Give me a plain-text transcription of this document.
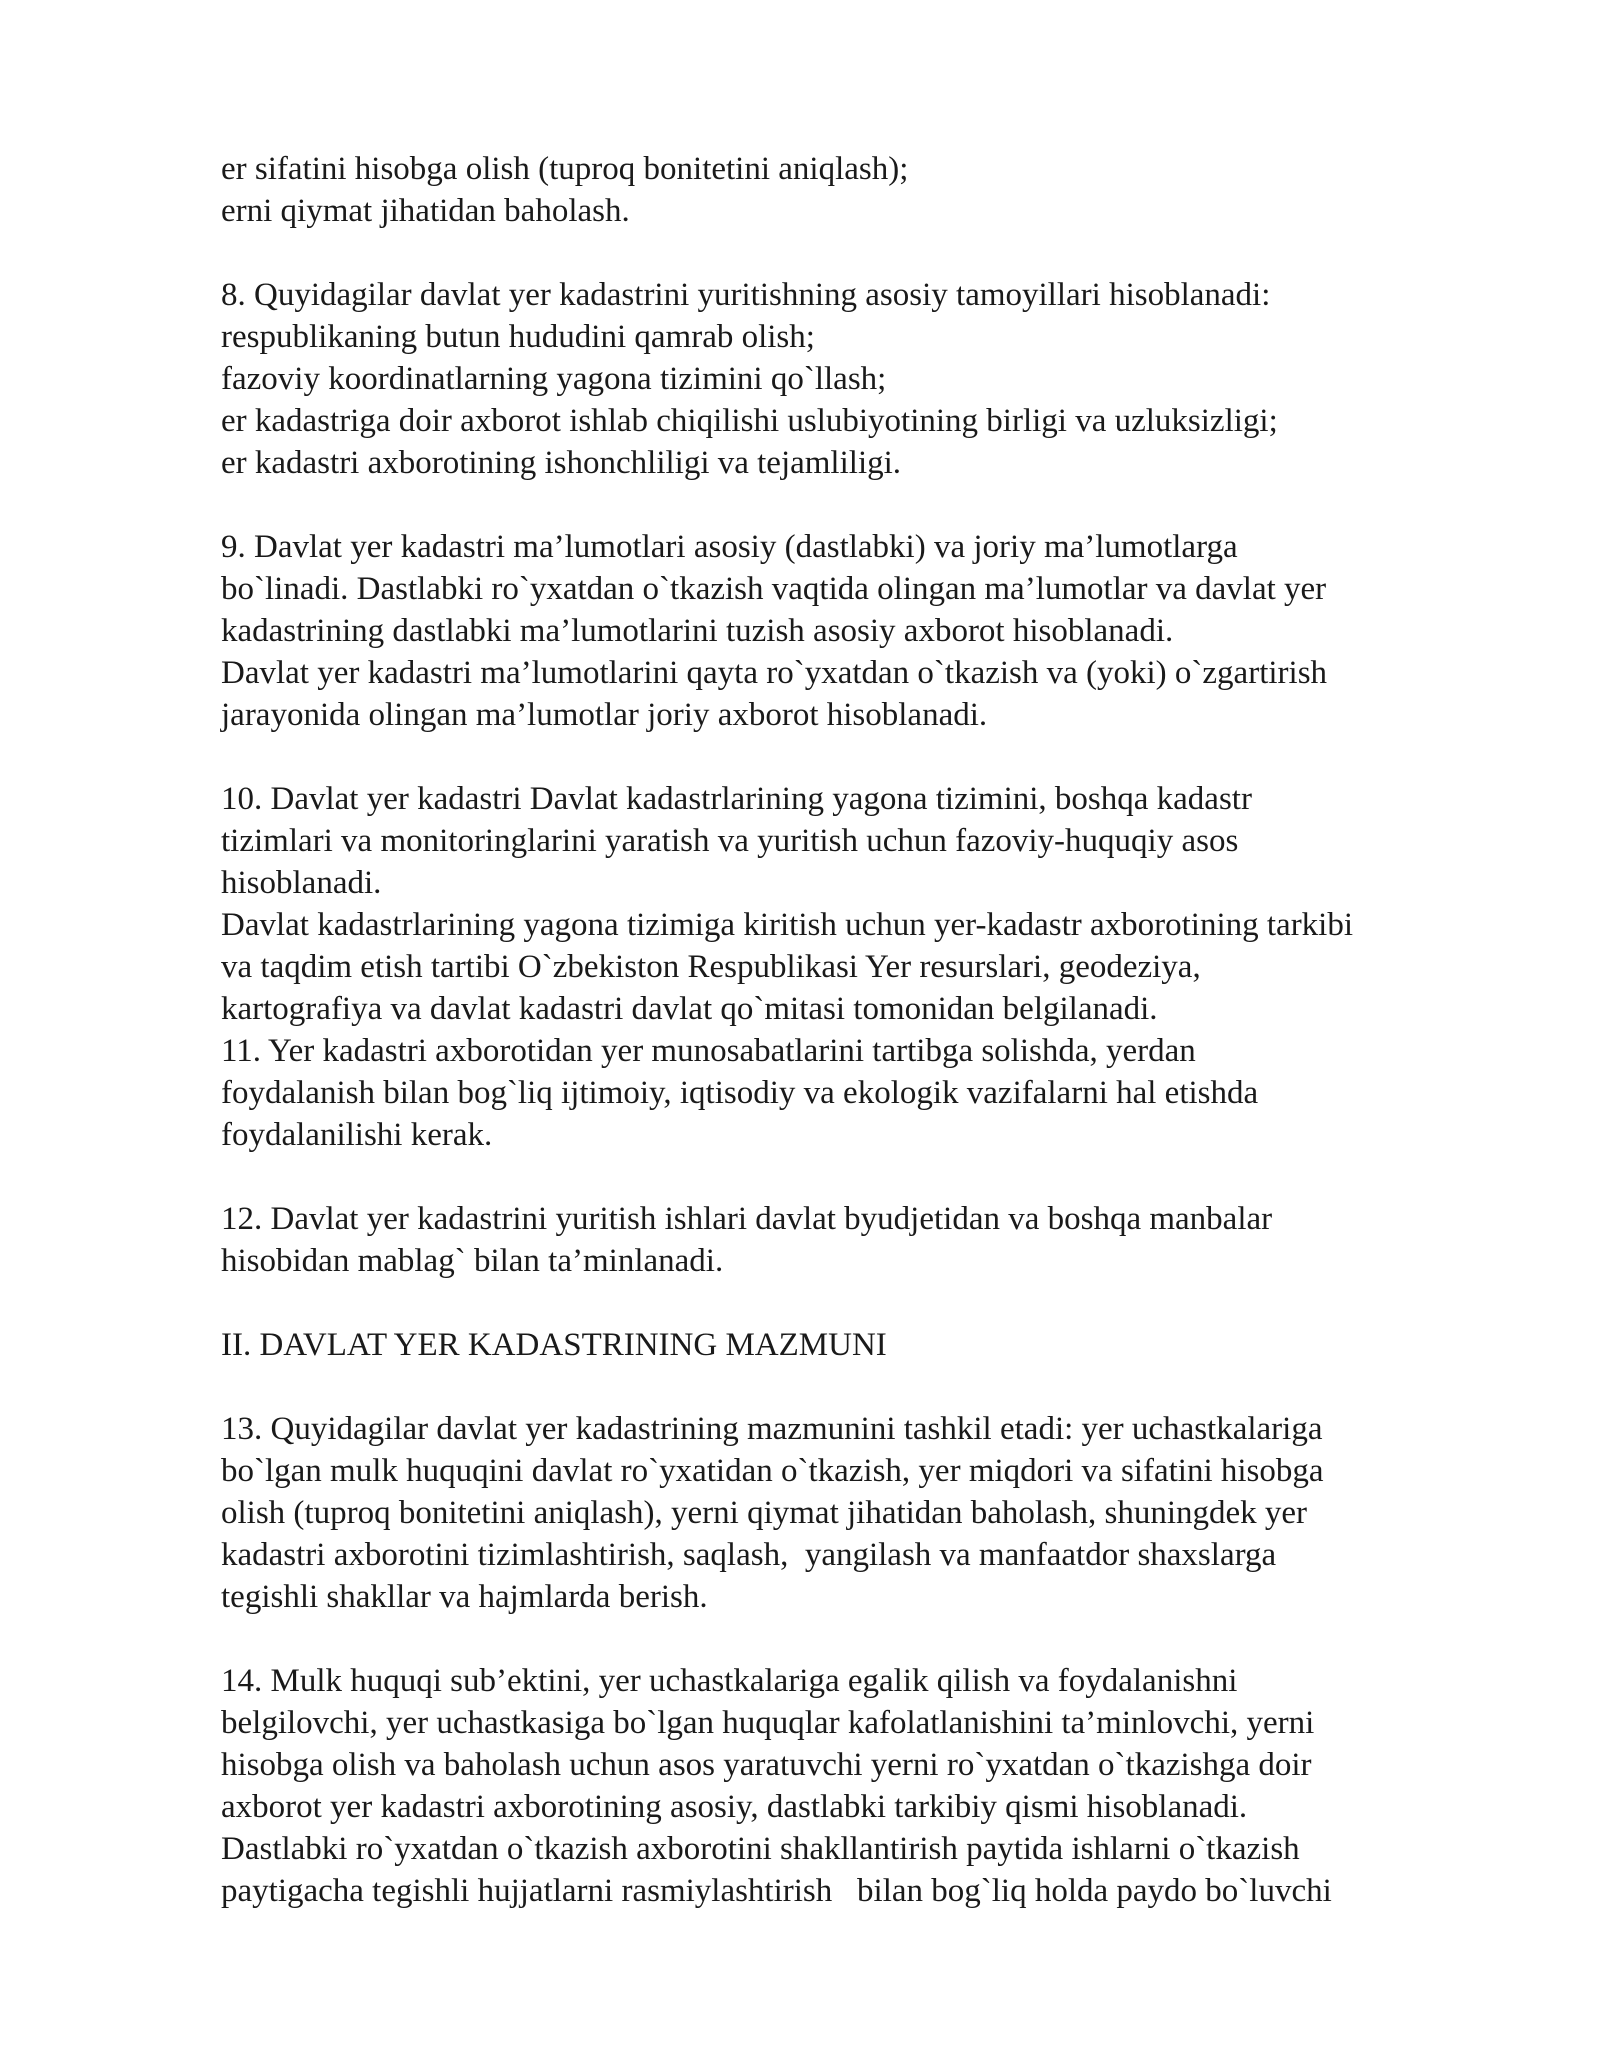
er sifatini hisobga olish (tuproq bonitetini aniqlash);
erni qiymat jihatidan baholash.
8. Quyidagilar davlat yer kadastrini yuritishning asosiy tamoyillari hisoblanadi:
respublikaning butun hududini qamrab olish;
fazoviy koordinatlarning yagona tizimini qo`llash;
er kadastriga doir axborot ishlab chiqilishi uslubiyotining birligi va uzluksizligi;
er kadastri axborotining ishonchliligi va tejamliligi.
9. Davlat yer kadastri ma’lumotlari asosiy (dastlabki) va joriy ma’lumotlarga
bo`linadi. Dastlabki ro`yxatdan o`tkazish vaqtida olingan ma’lumotlar va davlat yer
kadastrining dastlabki ma’lumotlarini tuzish asosiy axborot hisoblanadi.
Davlat yer kadastri ma’lumotlarini qayta ro`yxatdan o`tkazish va (yoki) o`zgartirish
jarayonida olingan ma’lumotlar joriy axborot hisoblanadi.
10. Davlat yer kadastri Davlat kadastrlarining yagona tizimini, boshqa kadastr
tizimlari va monitoringlarini yaratish va yuritish uchun fazoviy-huquqiy asos
hisoblanadi.
Davlat kadastrlarining yagona tizimiga kiritish uchun yer-kadastr axborotining tarkibi
va taqdim etish tartibi O`zbekiston Respublikasi Yer resurslari, geodeziya,
kartografiya va davlat kadastri davlat qo`mitasi tomonidan belgilanadi.
11. Yer kadastri axborotidan yer munosabatlarini tartibga solishda, yerdan
foydalanish bilan bog`liq ijtimoiy, iqtisodiy va ekologik vazifalarni hal etishda
foydalanilishi kerak.
12. Davlat yer kadastrini yuritish ishlari davlat byudjetidan va boshqa manbalar
hisobidan mablag` bilan ta’minlanadi.
II. DAVLAT YER KADASTRINING MAZMUNI
13. Quyidagilar davlat yer kadastrining mazmunini tashkil etadi: yer uchastkalariga
bo`lgan mulk huquqini davlat ro`yxatidan o`tkazish, yer miqdori va sifatini hisobga
olish (tuproq bonitetini aniqlash), yerni qiymat jihatidan baholash, shuningdek yer
kadastri axborotini tizimlashtirish, saqlash,  yangilash va manfaatdor shaxslarga
tegishli shakllar va hajmlarda berish.
14. Mulk huquqi sub’ektini, yer uchastkalariga egalik qilish va foydalanishni
belgilovchi, yer uchastkasiga bo`lgan huquqlar kafolatlanishini ta’minlovchi, yerni
hisobga olish va baholash uchun asos yaratuvchi yerni ro`yxatdan o`tkazishga doir
axborot yer kadastri axborotining asosiy, dastlabki tarkibiy qismi hisoblanadi.
Dastlabki ro`yxatdan o`tkazish axborotini shakllantirish paytida ishlarni o`tkazish
paytigacha tegishli hujjatlarni rasmiylashtirish   bilan bog`liq holda paydo bo`luvchi
